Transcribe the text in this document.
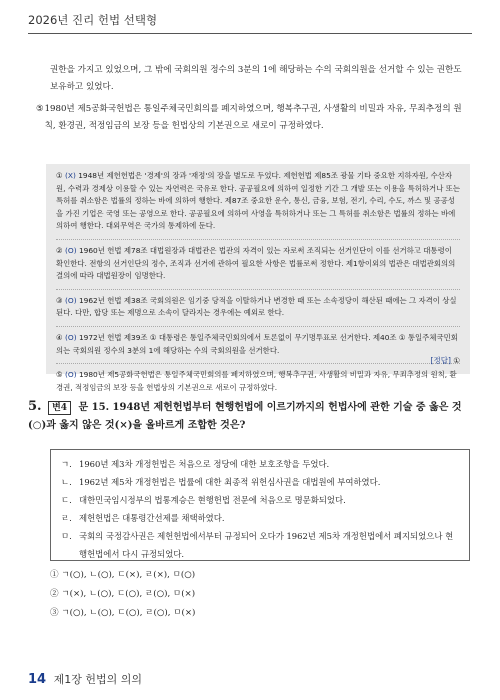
2026년 진리 헌법 선택형

권한을 가지고 있었으며, 그 밖에 국회의원 정수의 3분의 1에 해당하는 수의 국회의원을 선거할 수 있는 권한도 보유하고 있었다.

⑤ 1980년 제5공화국헌법은 통일주체국민회의를 폐지하였으며, 행복추구권, 사생활의 비밀과 자유, 무죄추정의 원칙, 환경권, 적정임금의 보장 등을 헌법상의 기본권으로 새로이 규정하였다.

① (X) 1948년 제헌헌법은 '경제'의 장과 '재정'의 장을 별도로 두었다. 제헌헌법 제85조 광물 기타 중요한 지하자원, 수산자원, 수력과 경제상 이용할 수 있는 자연력은 국유로 한다. 공공필요에 의하여 일정한 기간 그 개발 또는 이용을 특허하거나 또는 특허를 취소함은 법률의 정하는 바에 의하여 행한다. 제87조 중요한 운수, 통신, 금융, 보험, 전기, 수리, 수도, 까스 및 공공성을 가진 기업은 국영 또는 공영으로 한다. 공공필요에 의하여 사영을 특허하거나 또는 그 특허를 취소함은 법률의 정하는 바에 의하여 행한다. 대외무역은 국가의 통제하에 둔다.

② (O) 1960년 헌법 제78조 대법원장과 대법관은 법관의 자격이 있는 자로써 조직되는 선거인단이 이를 선거하고 대통령이 확인한다. 전항의 선거인단의 정수, 조직과 선거에 관하여 필요한 사항은 법률로써 정한다. 제1항이외의 법관은 대법관회의의 결의에 따라 대법원장이 임명한다.

③ (O) 1962년 헌법 제38조 국회의원은 임기중 당적을 이탈하거나 변경한 때 또는 소속정당이 해산된 때에는 그 자격이 상실된다. 다만, 합당 또는 제명으로 소속이 달라지는 경우에는 예외로 한다.

④ (O) 1972년 헌법 제39조 ① 대통령은 통일주체국민회의에서 토론없이 무기명투표로 선거한다. 제40조 ① 통일주체국민회의는 국회의원 정수의 3분의 1에 해당하는 수의 국회의원을 선거한다.

⑤ (O) 1980년 제5공화국헌법은 통일주체국민회의를 폐지하였으며, 행복추구권, 사생활의 비밀과 자유, 무죄추정의 원칙, 환경권, 적정임금의 보장 등을 헌법상의 기본권으로 새로이 규정하였다.

[정답] ①
5. 변4 문 15. 1948년 제헌헌법부터 현행헌법에 이르기까지의 헌법사에 관한 기술 중 옳은 것(○)과 옳지 않은 것(×)을 올바르게 조합한 것은?
ㄱ. 1960년 제3차 개정헌법은 처음으로 정당에 대한 보호조항을 두었다.
ㄴ. 1962년 제5차 개정헌법은 법률에 대한 최종적 위헌심사권을 대법원에 부여하였다.
ㄷ. 대한민국임시정부의 법통계승은 현행헌법 전문에 처음으로 명문화되었다.
ㄹ. 제헌헌법은 대통령간선제를 채택하였다.
ㅁ. 국회의 국정감사권은 제헌헌법에서부터 규정되어 오다가 1962년 제5차 개정헌법에서 폐지되었으나 현행헌법에서 다시 규정되었다.
① ㄱ(○), ㄴ(○), ㄷ(×), ㄹ(×), ㅁ(○)
② ㄱ(×), ㄴ(○), ㄷ(○), ㄹ(○), ㅁ(×)
③ ㄱ(○), ㄴ(○), ㄷ(○), ㄹ(○), ㅁ(×)
14 제1장 헌법의 의의
